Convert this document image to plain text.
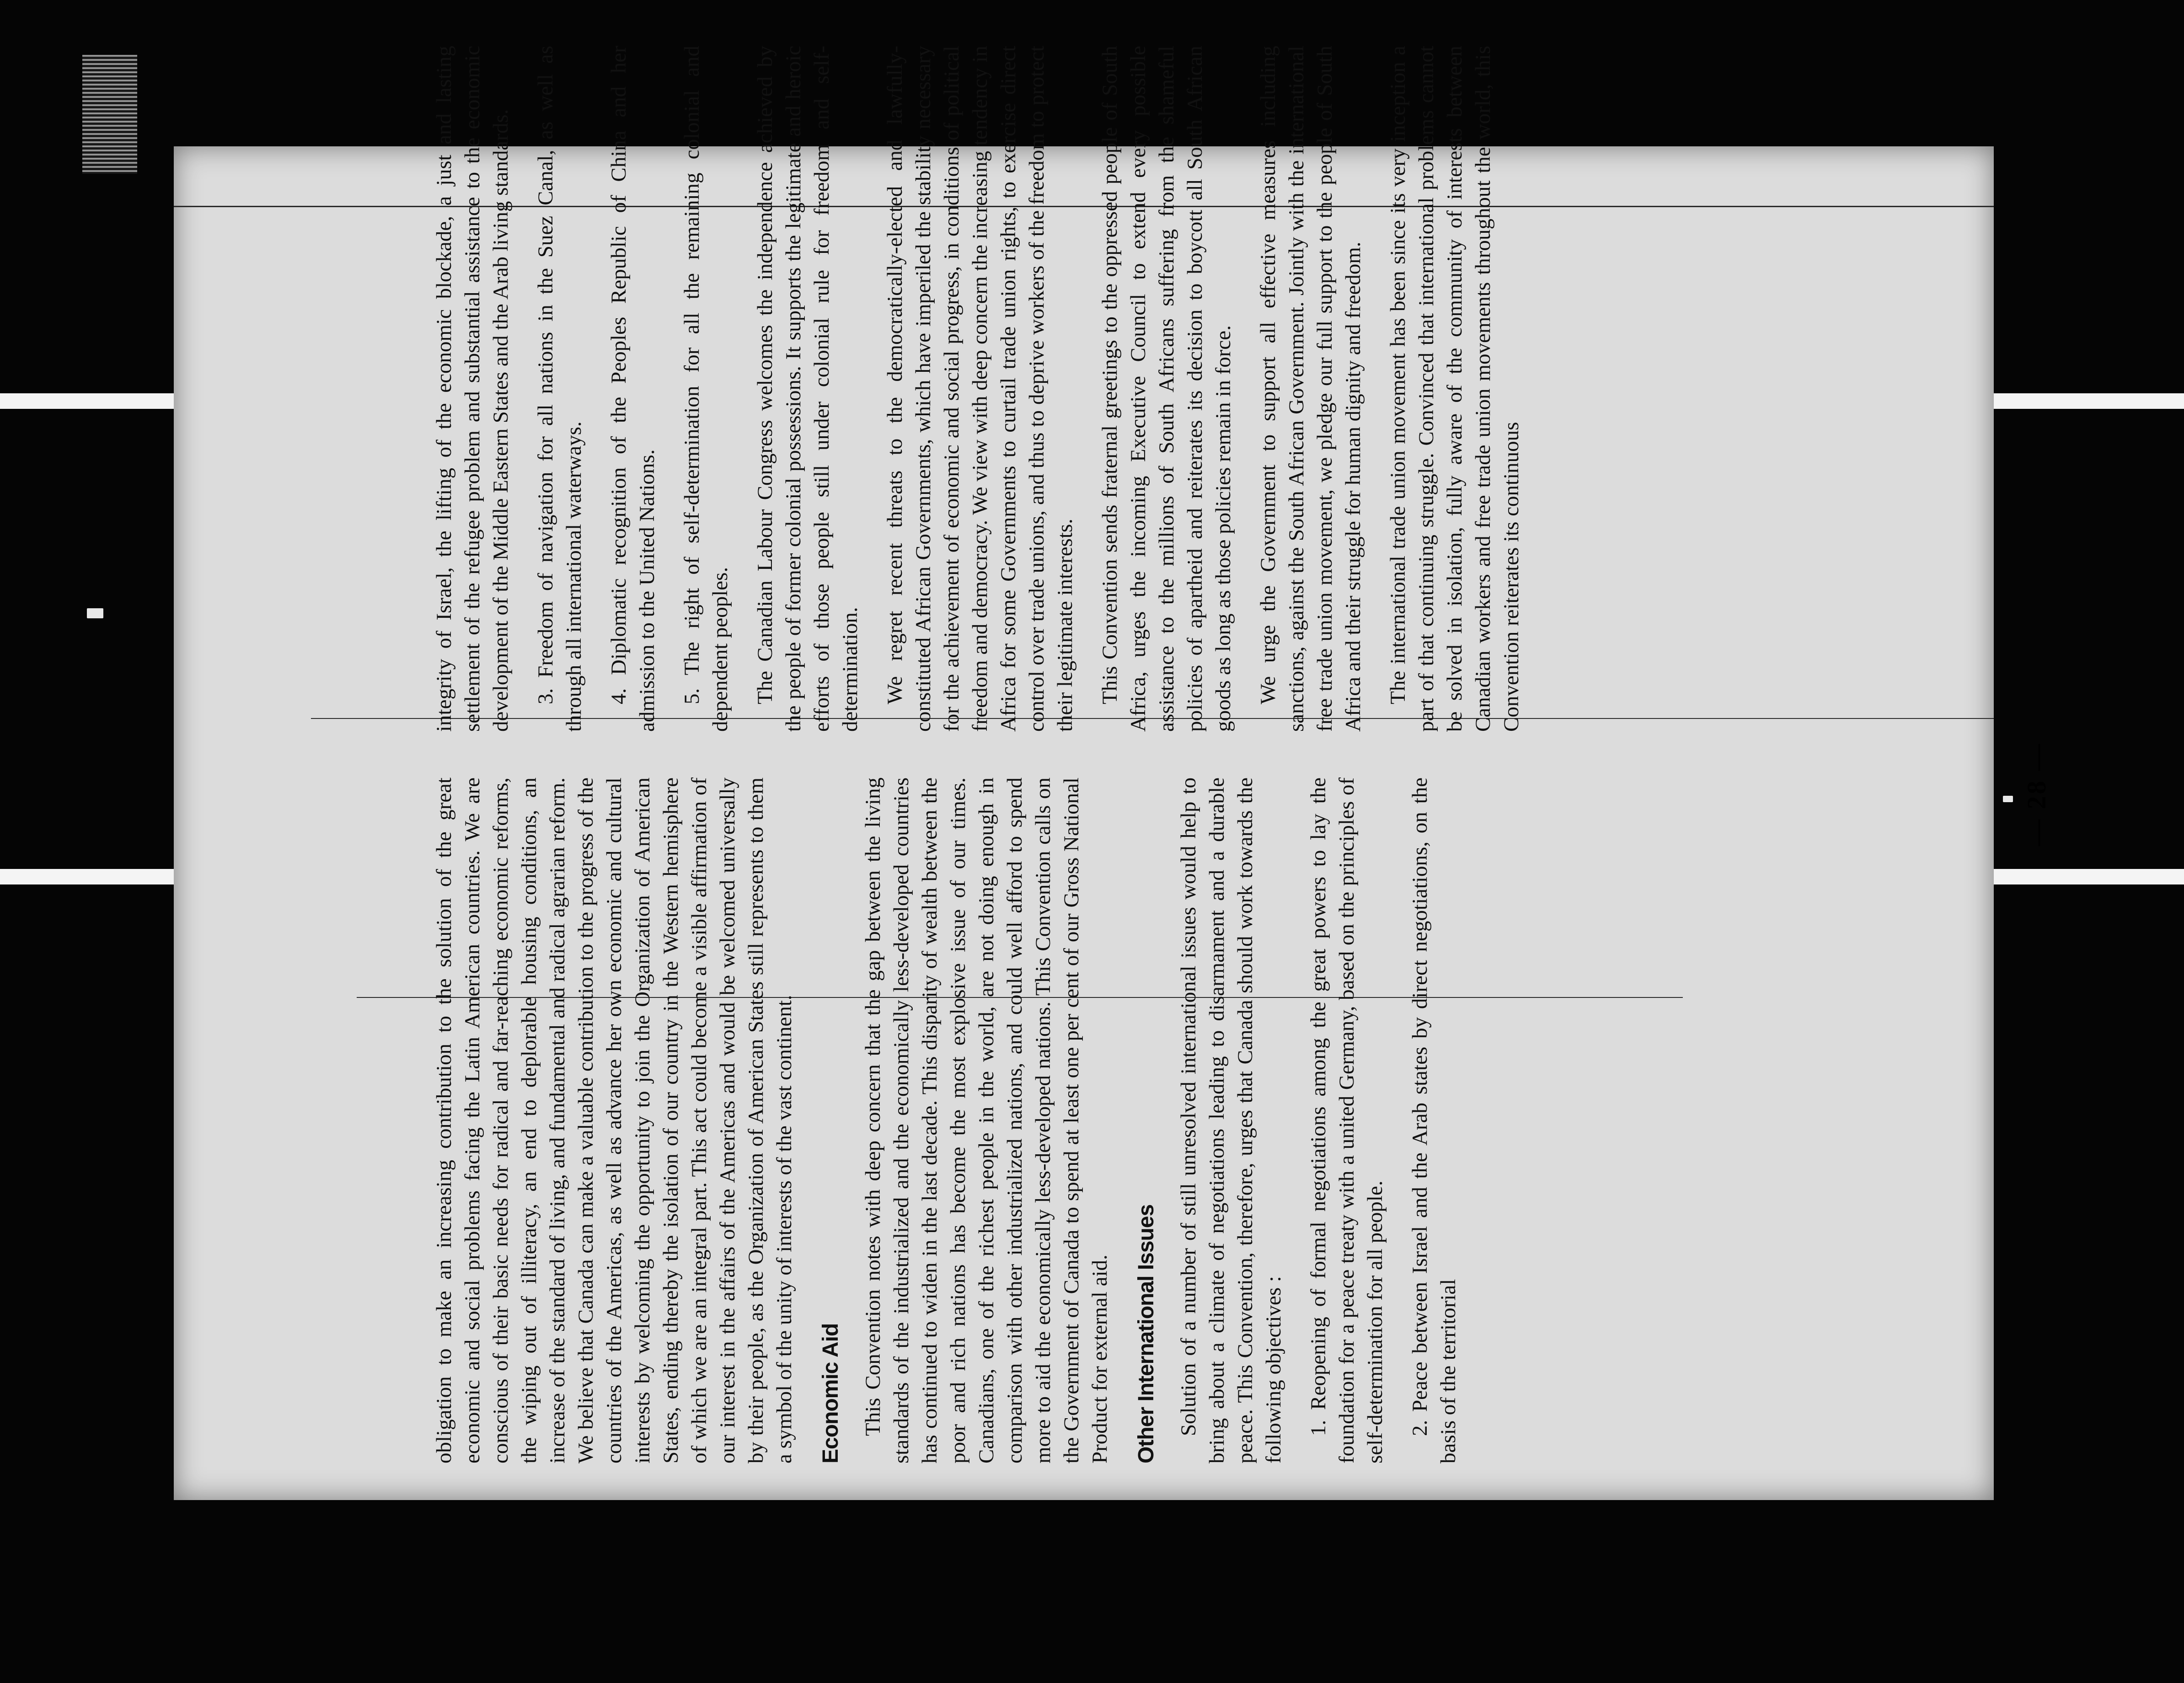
obligation to make an increasing contribution to the solution of the great economic and social problems facing the Latin American countries. We are conscious of their basic needs for radical and far-reaching economic reforms, the wiping out of illiteracy, an end to deplorable housing conditions, an increase of the standard of living, and fundamental and radical agrarian reform. We believe that Canada can make a valuable contribution to the progress of the countries of the Americas, as well as advance her own economic and cultural interests by welcoming the opportunity to join the Organization of American States, ending thereby the isolation of our country in the Western hemisphere of which we are an integral part. This act could become a visible affirmation of our interest in the affairs of the Americas and would be welcomed universally by their people, as the Organization of American States still represents to them a symbol of the unity of interests of the vast continent. Economic Aid This Convention notes with deep concern that the gap between the living standards of the industrialized and the economically less-developed countries has continued to widen in the last decade. This disparity of wealth between the poor and rich nations has become the most explosive issue of our times. Canadians, one of the richest people in the world, are not doing enough in comparison with other industrialized nations, and could well afford to spend more to aid the economically less-developed nations. This Convention calls on the Government of Canada to spend at least one per cent of our Gross National Product for external aid. Other International Issues Solution of a number of still unresolved international issues would help to bring about a climate of negotiations leading to disarmament and a durable peace. This Convention, therefore, urges that Canada should work towards the following objectives : 1. Reopening of formal negotiations among the great powers to lay the foundation for a peace treaty with a united Germany, based on the principles of self-determination for all people. 2. Peace between Israel and the Arab states by direct negotiations, on the basis of the territorial

integrity of Israel, the lifting of the economic blockade, a just and lasting settlement of the refugee problem and substantial assistance to the economic development of the Middle Eastern States and the Arab living standards. 3. Freedom of navigation for all nations in the Suez Canal, as well as through all international waterways. 4. Diplomatic recognition of the Peoples Republic of China and her admission to the United Nations. 5. The right of self-determination for all the remaining colonial and dependent peoples. The Canadian Labour Congress welcomes the independence achieved by the people of former colonial possessions. It supports the legitimate and heroic efforts of those people still under colonial rule for freedom and self-determination. We regret recent threats to the democratically-elected and lawfully-constituted African Governments, which have imperiled the stability necessary for the achievement of economic and social progress, in conditions of political freedom and democracy. We view with deep concern the increasing tendency in Africa for some Governments to curtail trade union rights, to exercise direct control over trade unions, and thus to deprive workers of the freedom to protect their legitimate interests. This Convention sends fraternal greetings to the oppressed people of South Africa, urges the incoming Executive Council to extend every possible assistance to the millions of South Africans suffering from the shameful policies of apartheid and reiterates its decision to boycott all South African goods as long as those policies remain in force. We urge the Government to support all effective measures including sanctions, against the South African Government. Jointly with the international free trade union movement, we pledge our full support to the people of South Africa and their struggle for human dignity and freedom. The international trade union movement has been since its very inception a part of that continuing struggle. Convinced that international problems cannot be solved in isolation, fully aware of the community of interests between Canadian workers and free trade union movements throughout the world, this Convention reiterates its continuous

— 28 —
